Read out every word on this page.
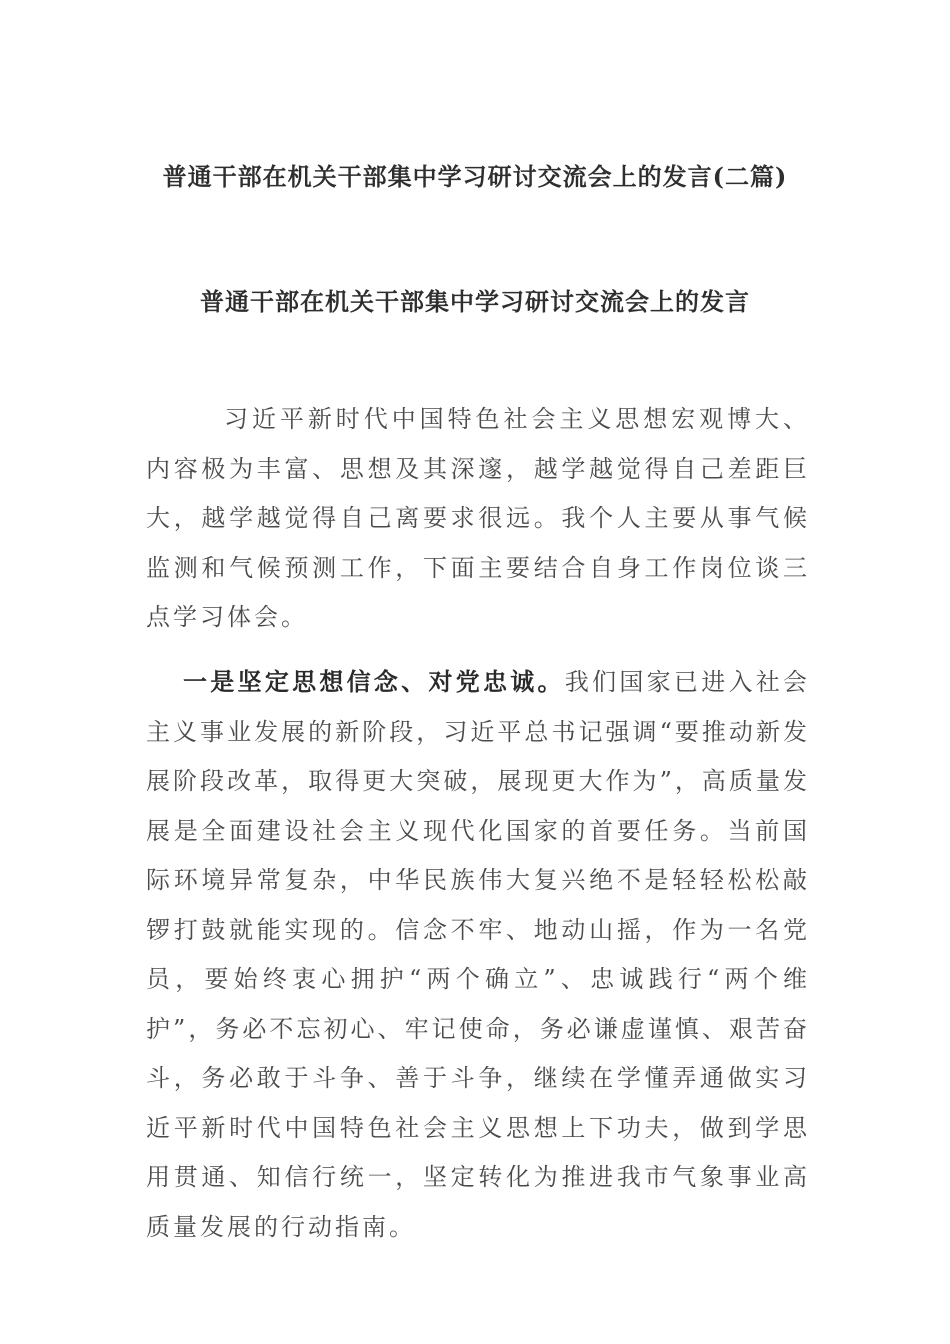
普通干部在机关干部集中学习研讨交流会上的发言(二篇)
普通干部在机关干部集中学习研讨交流会上的发言

习近平新时代中国特色社会主义思想宏观博大、内容极为丰富、思想及其深邃，越学越觉得自己差距巨大，越学越觉得自己离要求很远。我个人主要从事气候监测和气候预测工作，下面主要结合自身工作岗位谈三点学习体会。

一是坚定思想信念、对党忠诚。我们国家已进入社会主义事业发展的新阶段，习近平总书记强调“要推动新发展阶段改革，取得更大突破，展现更大作为”，高质量发展是全面建设社会主义现代化国家的首要任务。当前国际环境异常复杂，中华民族伟大复兴绝不是轻轻松松敲锣打鼓就能实现的。信念不牢、地动山摇，作为一名党员，要始终衷心拥护“两个确立”、忠诚践行“两个维护”，务必不忘初心、牢记使命，务必谦虚谨慎、艰苦奋斗，务必敢于斗争、善于斗争，继续在学懂弄通做实习近平新时代中国特色社会主义思想上下功夫，做到学思用贯通、知信行统一，坚定转化为推进我市气象事业高质量发展的行动指南。
